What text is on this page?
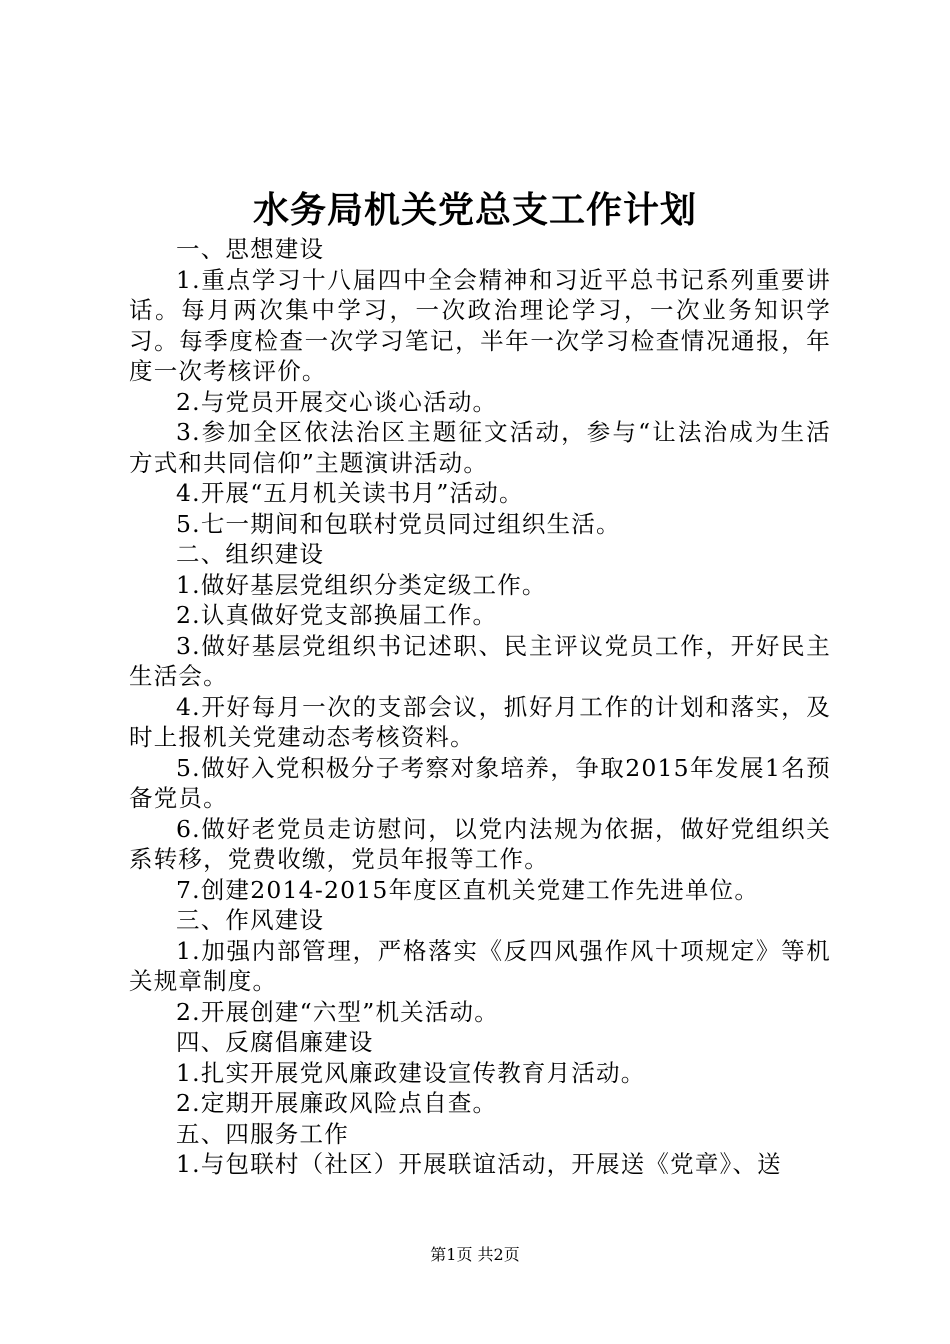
水务局机关党总支工作计划

一、思想建设

1.重点学习十八届四中全会精神和习近平总书记系列重要讲话。每月两次集中学习，一次政治理论学习，一次业务知识学习。每季度检查一次学习笔记，半年一次学习检查情况通报，年度一次考核评价。

2.与党员开展交心谈心活动。

3.参加全区依法治区主题征文活动，参与“让法治成为生活方式和共同信仰”主题演讲活动。

4.开展“五月机关读书月”活动。

5.七一期间和包联村党员同过组织生活。

二、组织建设

1.做好基层党组织分类定级工作。

2.认真做好党支部换届工作。

3.做好基层党组织书记述职、民主评议党员工作，开好民主生活会。

4.开好每月一次的支部会议，抓好月工作的计划和落实，及时上报机关党建动态考核资料。

5.做好入党积极分子考察对象培养，争取2015年发展1名预备党员。

6.做好老党员走访慰问，以党内法规为依据，做好党组织关系转移，党费收缴，党员年报等工作。

7.创建2014-2015年度区直机关党建工作先进单位。

三、作风建设

1.加强内部管理，严格落实《反四风强作风十项规定》等机关规章制度。

2.开展创建“六型”机关活动。

四、反腐倡廉建设

1.扎实开展党风廉政建设宣传教育月活动。

2.定期开展廉政风险点自查。

五、四服务工作

1.与包联村（社区）开展联谊活动，开展送《党章》、送

第1页 共2页
